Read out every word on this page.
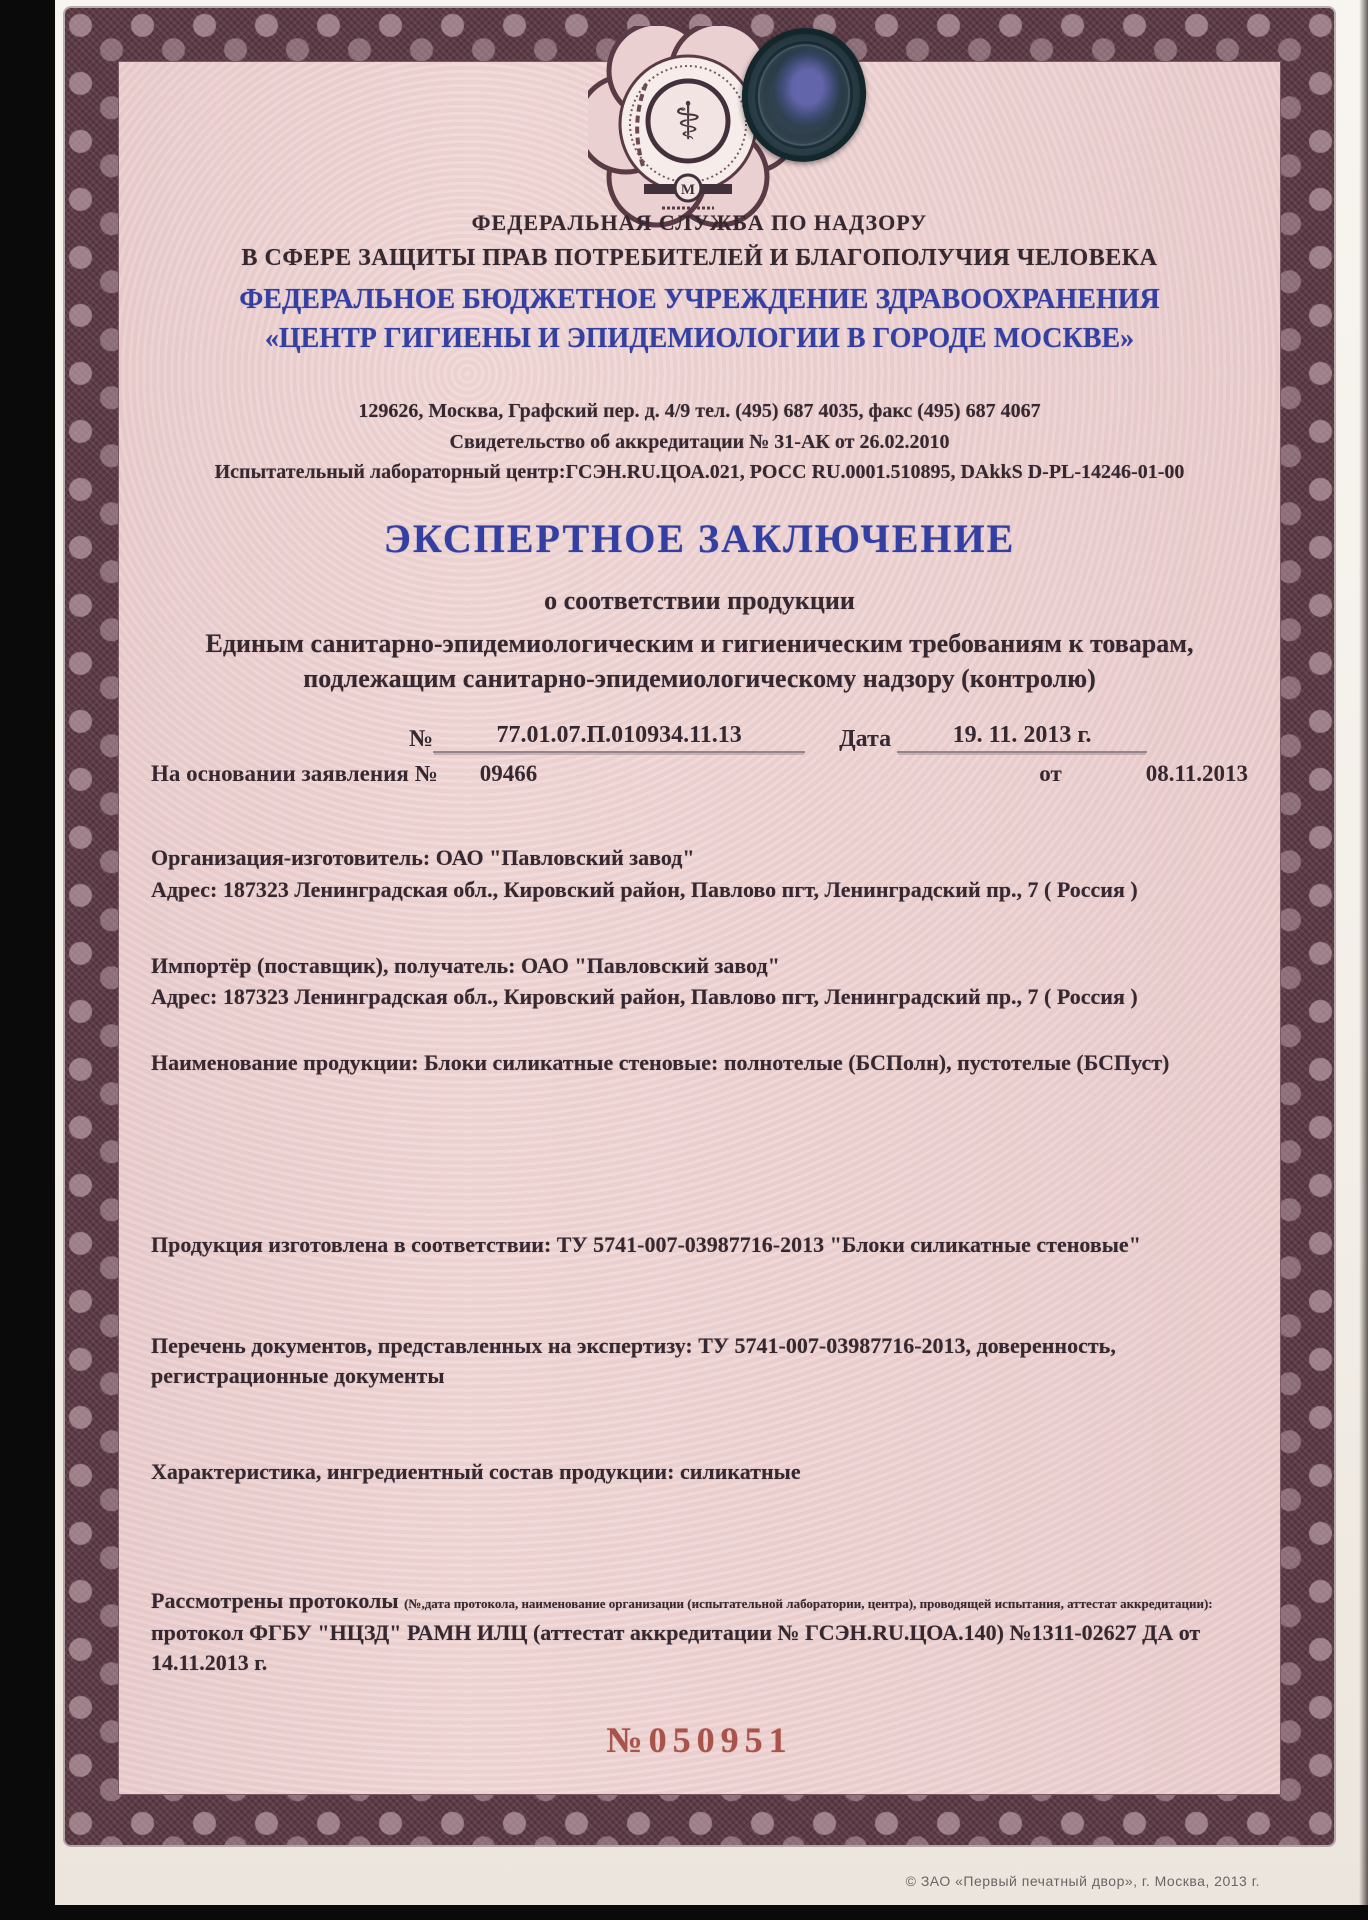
⚕
M
ФЕДЕРАЛЬНАЯ СЛУЖБА ПО НАДЗОРУ
В СФЕРЕ ЗАЩИТЫ ПРАВ ПОТРЕБИТЕЛЕЙ И БЛАГОПОЛУЧИЯ ЧЕЛОВЕКА
ФЕДЕРАЛЬНОЕ БЮДЖЕТНОЕ УЧРЕЖДЕНИЕ ЗДРАВООХРАНЕНИЯ
«ЦЕНТР ГИГИЕНЫ И ЭПИДЕМИОЛОГИИ В ГОРОДЕ МОСКВЕ»
129626, Москва, Графский пер. д. 4/9 тел. (495) 687 4035, факс (495) 687 4067
Свидетельство об аккредитации № 31-АК от 26.02.2010
Испытательный лабораторный центр:ГСЭН.RU.ЦОА.021, РОСС RU.0001.510895, DAkkS D-PL-14246-01-00
ЭКСПЕРТНОЕ ЗАКЛЮЧЕНИЕ
о соответствии продукции
Единым санитарно-эпидемиологическим и гигиеническим требованиям к товарам,
подлежащим санитарно-эпидемиологическому надзору (контролю)
№	77.01.07.П.010934.11.13	Дата	19. 11. 2013 г.
На основании заявления № 09466	от	08.11.2013
Организация-изготовитель: ОАО "Павловский завод"
Адрес: 187323 Ленинградская обл., Кировский район, Павлово пгт, Ленинградский пр., 7 ( Россия )
Импортёр (поставщик), получатель: ОАО "Павловский завод"
Адрес: 187323 Ленинградская обл., Кировский район, Павлово пгт, Ленинградский пр., 7 ( Россия )
Наименование продукции: Блоки силикатные стеновые: полнотелые (БСПолн), пустотелые (БСПуст)
Продукция изготовлена в соответствии: ТУ 5741-007-03987716-2013 "Блоки силикатные стеновые"
Перечень документов, представленных на экспертизу: ТУ 5741-007-03987716-2013, доверенность, регистрационные документы
Характеристика, ингредиентный состав продукции: силикатные
Рассмотрены протоколы (№,дата протокола, наименование организации (испытательной лаборатории, центра), проводящей испытания, аттестат аккредитации):
протокол ФГБУ "НЦЗД" РАМН ИЛЦ (аттестат аккредитации № ГСЭН.RU.ЦОА.140) №1311-02627 ДА от 14.11.2013 г.
№050951
© ЗАО «Первый печатный двор», г. Москва, 2013 г.
